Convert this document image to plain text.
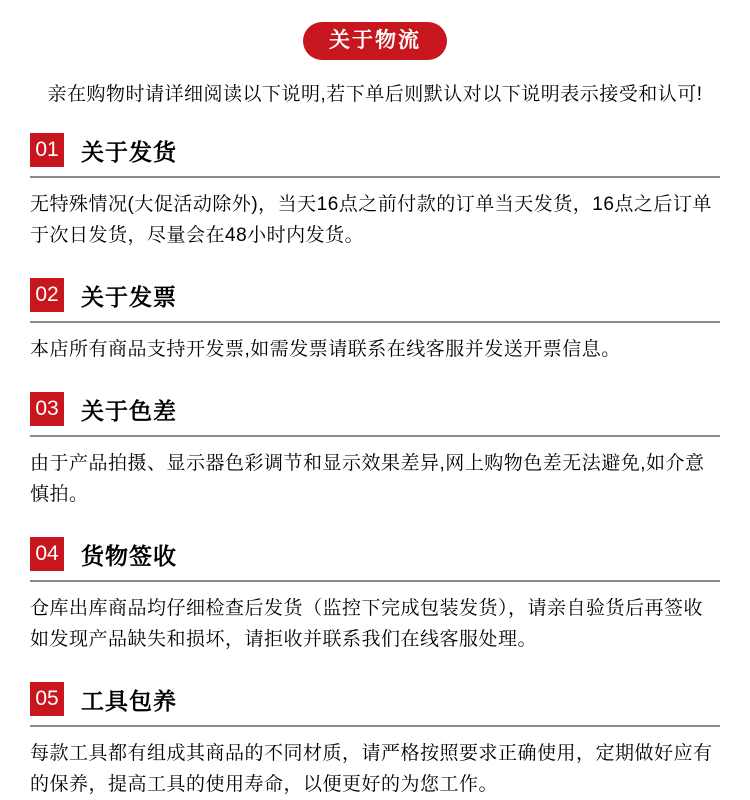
关于物流
亲在购物时请详细阅读以下说明,若下单后则默认对以下说明表示接受和认可!
01 关于发货
无特殊情况(大促活动除外)，当天16点之前付款的订单当天发货，16点之后订单于次日发货，尽量会在48小时内发货。
02 关于发票
本店所有商品支持开发票,如需发票请联系在线客服并发送开票信息。
03 关于色差
由于产品拍摄、显示器色彩调节和显示效果差异,网上购物色差无法避免,如介意慎拍。
04 货物签收
仓库出库商品均仔细检查后发货（监控下完成包装发货），请亲自验货后再签收如发现产品缺失和损坏，请拒收并联系我们在线客服处理。
05 工具包养
每款工具都有组成其商品的不同材质，请严格按照要求正确使用，定期做好应有的保养，提高工具的使用寿命，以便更好的为您工作。
